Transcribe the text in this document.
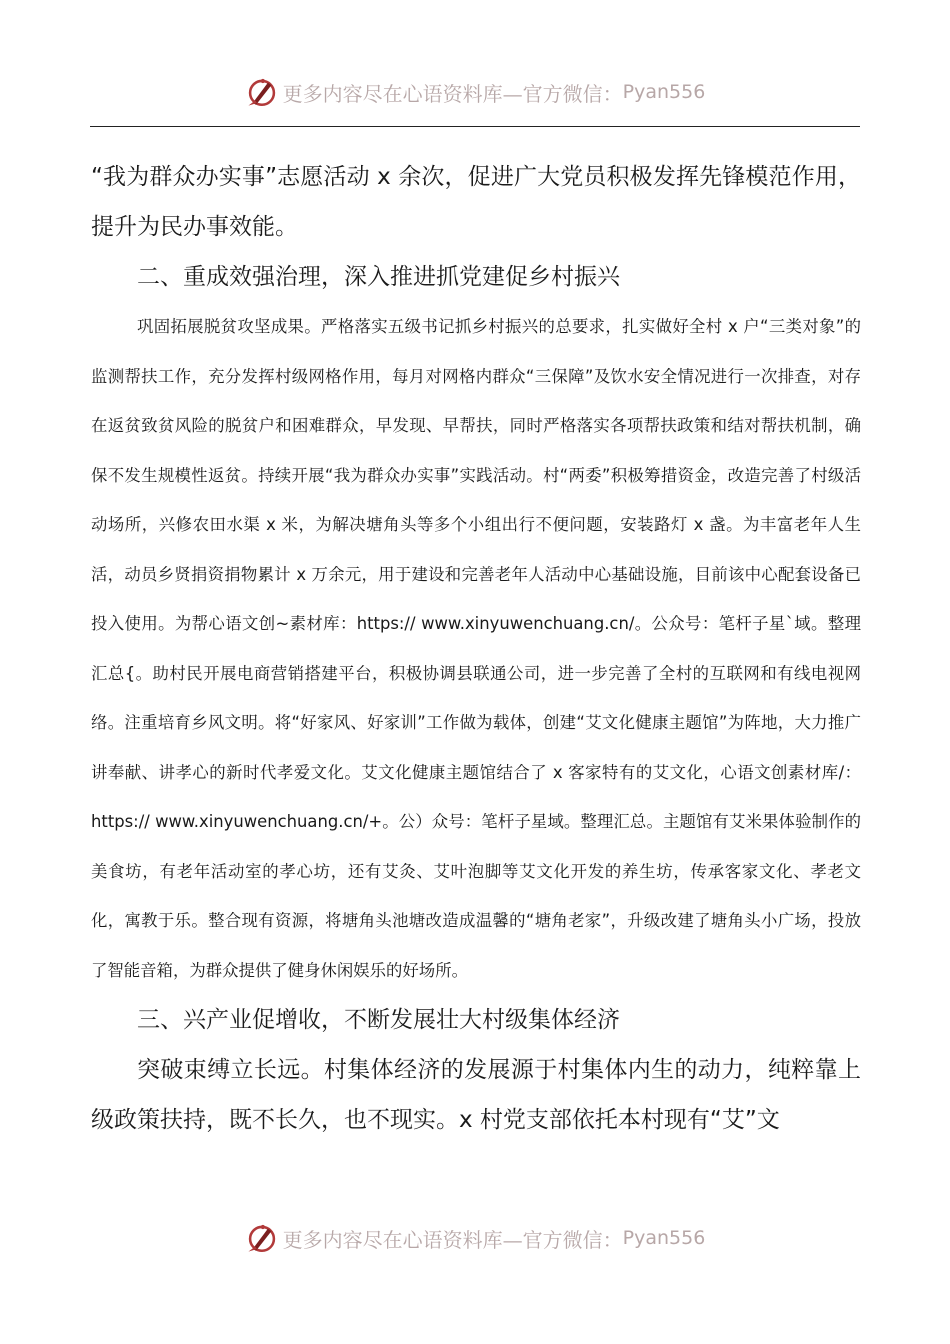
更多内容尽在心语资料库—官方微信： Pyan556

“我为群众办实事”志愿活动 x 余次，促进广大党员积极发挥先锋模范作用，提升为民办事效能。

二、重成效强治理，深入推进抓党建促乡村振兴

巩固拓展脱贫攻坚成果。严格落实五级书记抓乡村振兴的总要求，扎实做好全村 x 户“三类对象”的监测帮扶工作，充分发挥村级网格作用，每月对网格内群众“三保障”及饮水安全情况进行一次排查，对存在返贫致贫风险的脱贫户和困难群众，早发现、早帮扶，同时严格落实各项帮扶政策和结对帮扶机制，确保不发生规模性返贫。持续开展“我为群众办实事”实践活动。村“两委”积极筹措资金，改造完善了村级活动场所，兴修农田水渠 x 米，为解决塘角头等多个小组出行不便问题，安装路灯 x 盏。为丰富老年人生活，动员乡贤捐资捐物累计 x 万余元，用于建设和完善老年人活动中心基础设施，目前该中心配套设备已投入使用。为帮心语文创~素材库：https:// www.xinyuwenchuang.cn/。公众号：笔杆子星`域。整理汇总{。助村民开展电商营销搭建平台，积极协调县联通公司，进一步完善了全村的互联网和有线电视网络。注重培育乡风文明。将“好家风、好家训”工作做为载体，创建“艾文化健康主题馆”为阵地，大力推广讲奉献、讲孝心的新时代孝爱文化。艾文化健康主题馆结合了 x 客家特有的艾文化，心语文创素材库/：https:// www.xinyuwenchuang.cn/+。公）众号：笔杆子星域。整理汇总。主题馆有艾米果体验制作的美食坊，有老年活动室的孝心坊，还有艾灸、艾叶泡脚等艾文化开发的养生坊，传承客家文化、孝老文化，寓教于乐。整合现有资源，将塘角头池塘改造成温馨的“塘角老家”，升级改建了塘角头小广场，投放了智能音箱，为群众提供了健身休闲娱乐的好场所。

三、兴产业促增收，不断发展壮大村级集体经济

突破束缚立长远。村集体经济的发展源于村集体内生的动力，纯粹靠上级政策扶持，既不长久，也不现实。x 村党支部依托本村现有“艾”文

更多内容尽在心语资料库—官方微信： Pyan556
